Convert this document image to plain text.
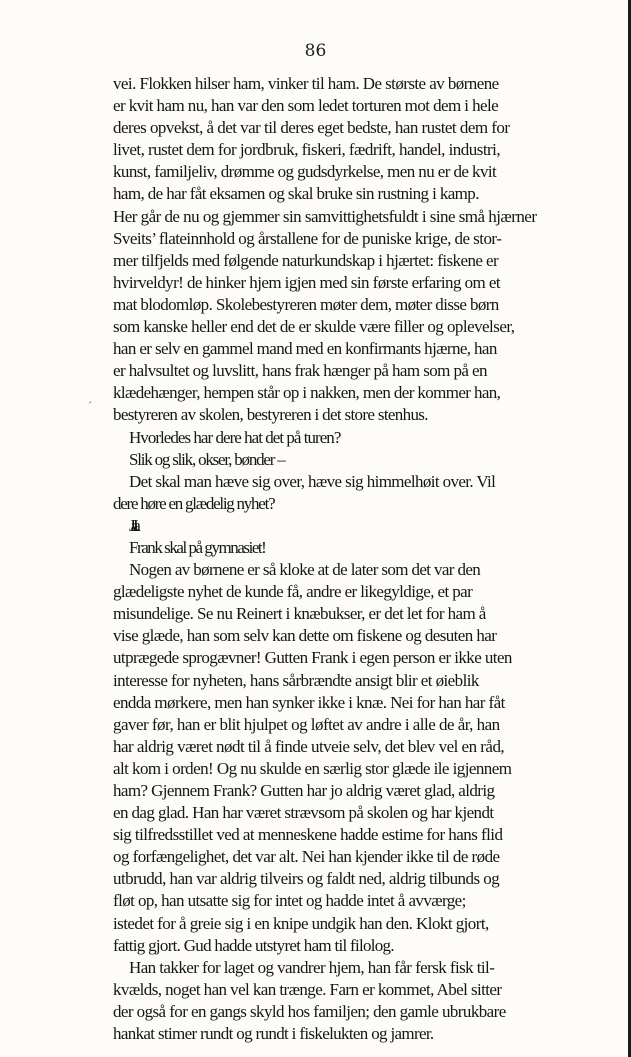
86
´
vei. Flokken hilser ham, vinker til ham. De største av børnene
er kvit ham nu, han var den som ledet torturen mot dem i hele
deres opvekst, å det var til deres eget bedste, han rustet dem for
livet, rustet dem for jordbruk, fiskeri, fædrift, handel, industri,
kunst, familjeliv, drømme og gudsdyrkelse, men nu er de kvit
ham, de har fåt eksamen og skal bruke sin rustning i kamp.
Her går de nu og gjemmer sin samvittighetsfuldt i sine små hjærner
Sveits’ flateinnhold og årstallene for de puniske krige, de stor-
mer tilfjelds med følgende naturkundskap i hjærtet: fiskene er
hvirveldyr! de hinker hjem igjen med sin første erfaring om et
mat blodomløp. Skolebestyreren møter dem, møter disse børn
som kanske heller end det de er skulde være filler og oplevelser,
han er selv en gammel mand med en konfirmants hjærne, han
er halvsultet og luvslitt, hans frak hænger på ham som på en
klædehænger, hempen står op i nakken, men der kommer han,
bestyreren av skolen, bestyreren i det store stenhus.
Hvorledes har dere hat det på turen?
Slik og slik, okser, bønder –
Det skal man hæve sig over, hæve sig himmelhøit over. Vil
dere høre en glædelig nyhet?
Ja. Ja.
Frank skal på gymnasiet!
Nogen av børnene er så kloke at de later som det var den
glædeligste nyhet de kunde få, andre er likegyldige, et par
misundelige. Se nu Reinert i knæbukser, er det let for ham å
vise glæde, han som selv kan dette om fiskene og desuten har
utprægede sprogævner! Gutten Frank i egen person er ikke uten
interesse for nyheten, hans sårbrændte ansigt blir et øieblik
endda mørkere, men han synker ikke i knæ. Nei for han har fåt
gaver før, han er blit hjulpet og løftet av andre i alle de år, han
har aldrig været nødt til å finde utveie selv, det blev vel en råd,
alt kom i orden! Og nu skulde en særlig stor glæde ile igjennem
ham? Gjennem Frank? Gutten har jo aldrig været glad, aldrig
en dag glad. Han har været strævsom på skolen og har kjendt
sig tilfredsstillet ved at menneskene hadde estime for hans flid
og forfængelighet, det var alt. Nei han kjender ikke til de røde
utbrudd, han var aldrig tilveirs og faldt ned, aldrig tilbunds og
fløt op, han utsatte sig for intet og hadde intet å avværge;
istedet for å greie sig i en knipe undgik han den. Klokt gjort,
fattig gjort. Gud hadde utstyret ham til filolog.
Han takker for laget og vandrer hjem, han får fersk fisk til-
kvælds, noget han vel kan trænge. Farn er kommet, Abel sitter
der også for en gangs skyld hos familjen; den gamle ubrukbare
hankat stimer rundt og rundt i fiskelukten og jamrer.
